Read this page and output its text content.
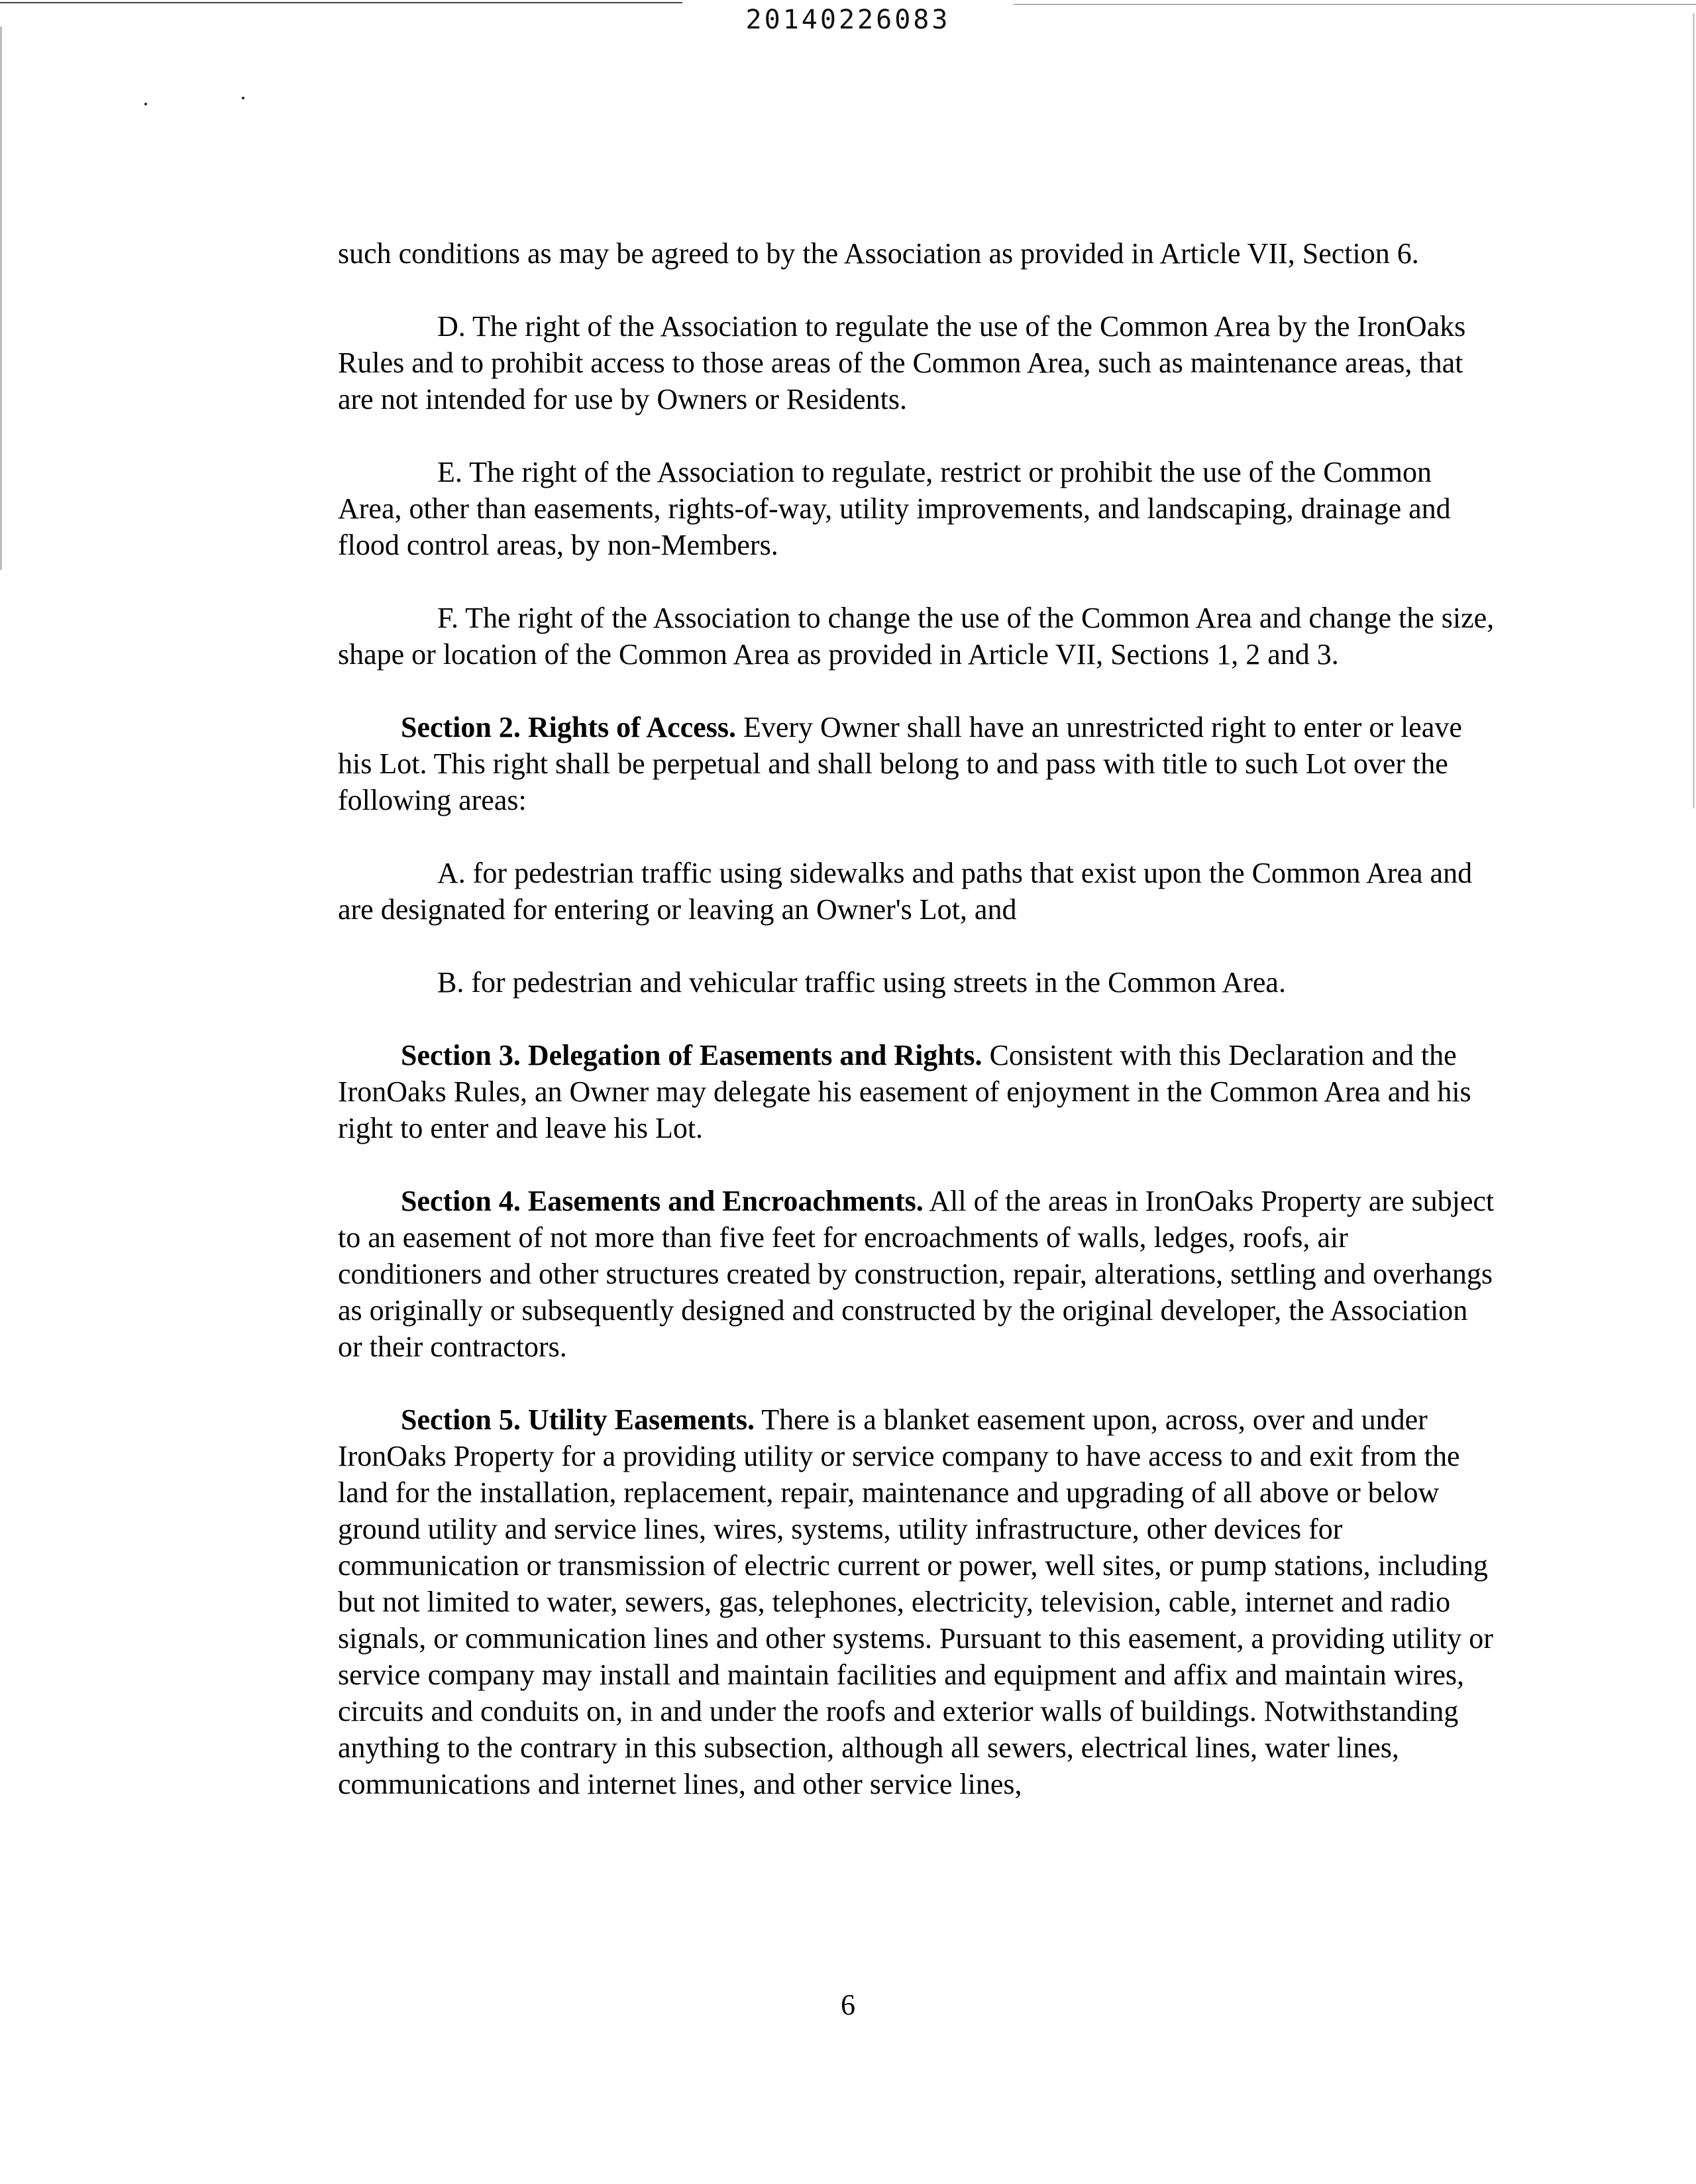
20140226083

such conditions as may be agreed to by the Association as provided in Article VII, Section 6.

D. The right of the Association to regulate the use of the Common Area by the IronOaks Rules and to prohibit access to those areas of the Common Area, such as maintenance areas, that are not intended for use by Owners or Residents.

E. The right of the Association to regulate, restrict or prohibit the use of the Common Area, other than easements, rights-of-way, utility improvements, and landscaping, drainage and flood control areas, by non-Members.

F. The right of the Association to change the use of the Common Area and change the size, shape or location of the Common Area as provided in Article VII, Sections 1, 2 and 3.

Section 2. Rights of Access. Every Owner shall have an unrestricted right to enter or leave his Lot. This right shall be perpetual and shall belong to and pass with title to such Lot over the following areas:

A. for pedestrian traffic using sidewalks and paths that exist upon the Common Area and are designated for entering or leaving an Owner's Lot, and

B. for pedestrian and vehicular traffic using streets in the Common Area.

Section 3. Delegation of Easements and Rights. Consistent with this Declaration and the IronOaks Rules, an Owner may delegate his easement of enjoyment in the Common Area and his right to enter and leave his Lot.

Section 4. Easements and Encroachments. All of the areas in IronOaks Property are subject to an easement of not more than five feet for encroachments of walls, ledges, roofs, air conditioners and other structures created by construction, repair, alterations, settling and overhangs as originally or subsequently designed and constructed by the original developer, the Association or their contractors.

Section 5. Utility Easements. There is a blanket easement upon, across, over and under IronOaks Property for a providing utility or service company to have access to and exit from the land for the installation, replacement, repair, maintenance and upgrading of all above or below ground utility and service lines, wires, systems, utility infrastructure, other devices for communication or transmission of electric current or power, well sites, or pump stations, including but not limited to water, sewers, gas, telephones, electricity, television, cable, internet and radio signals, or communication lines and other systems. Pursuant to this easement, a providing utility or service company may install and maintain facilities and equipment and affix and maintain wires, circuits and conduits on, in and under the roofs and exterior walls of buildings. Notwithstanding anything to the contrary in this subsection, although all sewers, electrical lines, water lines, communications and internet lines, and other service lines,

6
